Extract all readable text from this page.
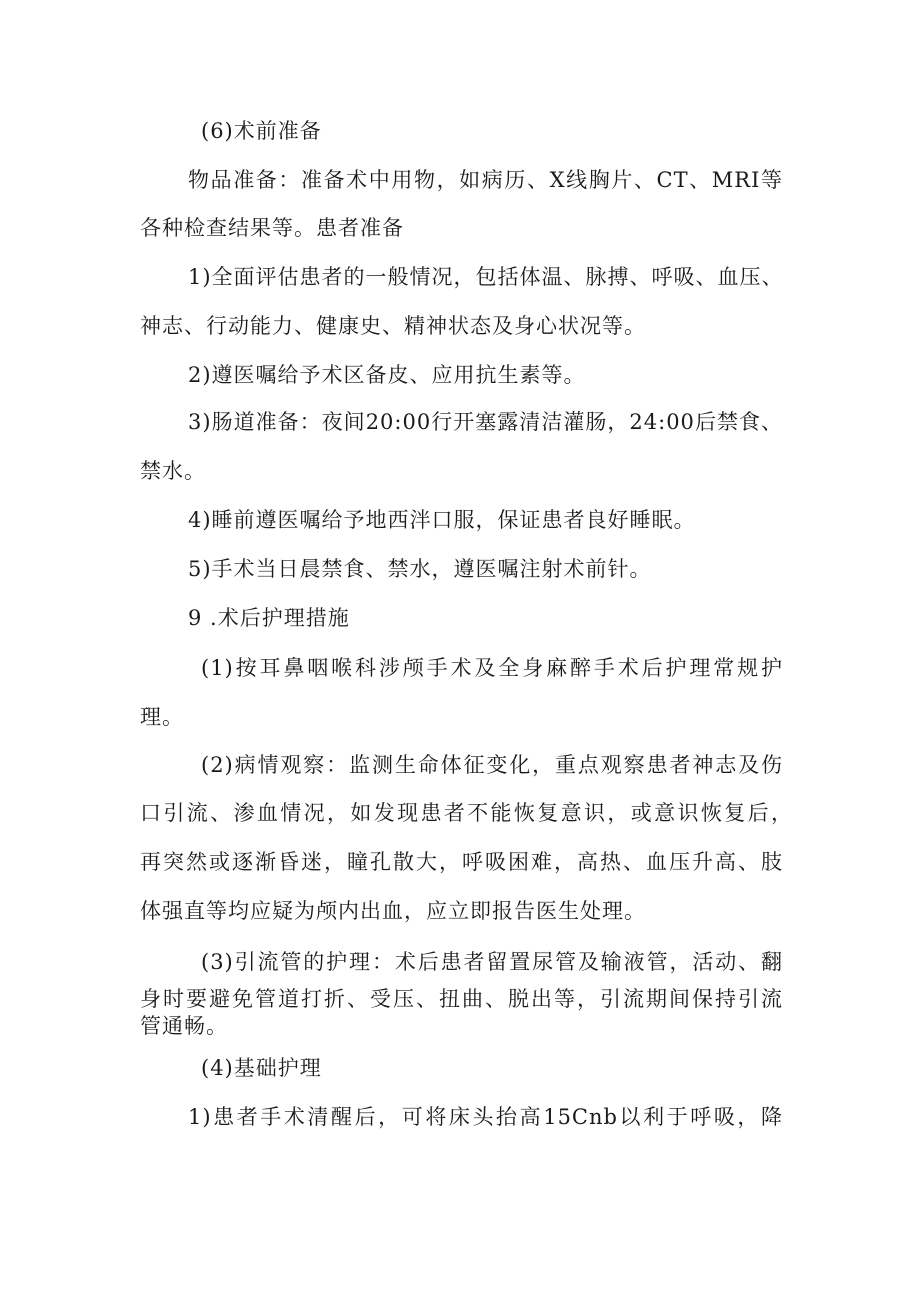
(6)术前准备
物品准备：准备术中用物，如病历、X线胸片、CT、MRI等
各种检查结果等。患者准备
1)全面评估患者的一般情况，包括体温、脉搏、呼吸、血压、
神志、行动能力、健康史、精神状态及身心状况等。
2)遵医嘱给予术区备皮、应用抗生素等。
3)肠道准备：夜间20:00行开塞露清洁灌肠，24:00后禁食、
禁水。
4)睡前遵医嘱给予地西泮口服，保证患者良好睡眠。
5)手术当日晨禁食、禁水，遵医嘱注射术前针。
9 .术后护理措施
(1)按耳鼻咽喉科涉颅手术及全身麻醉手术后护理常规护
理。
(2)病情观察：监测生命体征变化，重点观察患者神志及伤
口引流、渗血情况，如发现患者不能恢复意识，或意识恢复后，
再突然或逐渐昏迷，瞳孔散大，呼吸困难，高热、血压升高、肢
体强直等均应疑为颅内出血，应立即报告医生处理。
(3)引流管的护理：术后患者留置尿管及输液管，活动、翻
身时要避免管道打折、受压、扭曲、脱出等，引流期间保持引流
管通畅。
(4)基础护理
1)患者手术清醒后，可将床头抬高15Cnb以利于呼吸，降
